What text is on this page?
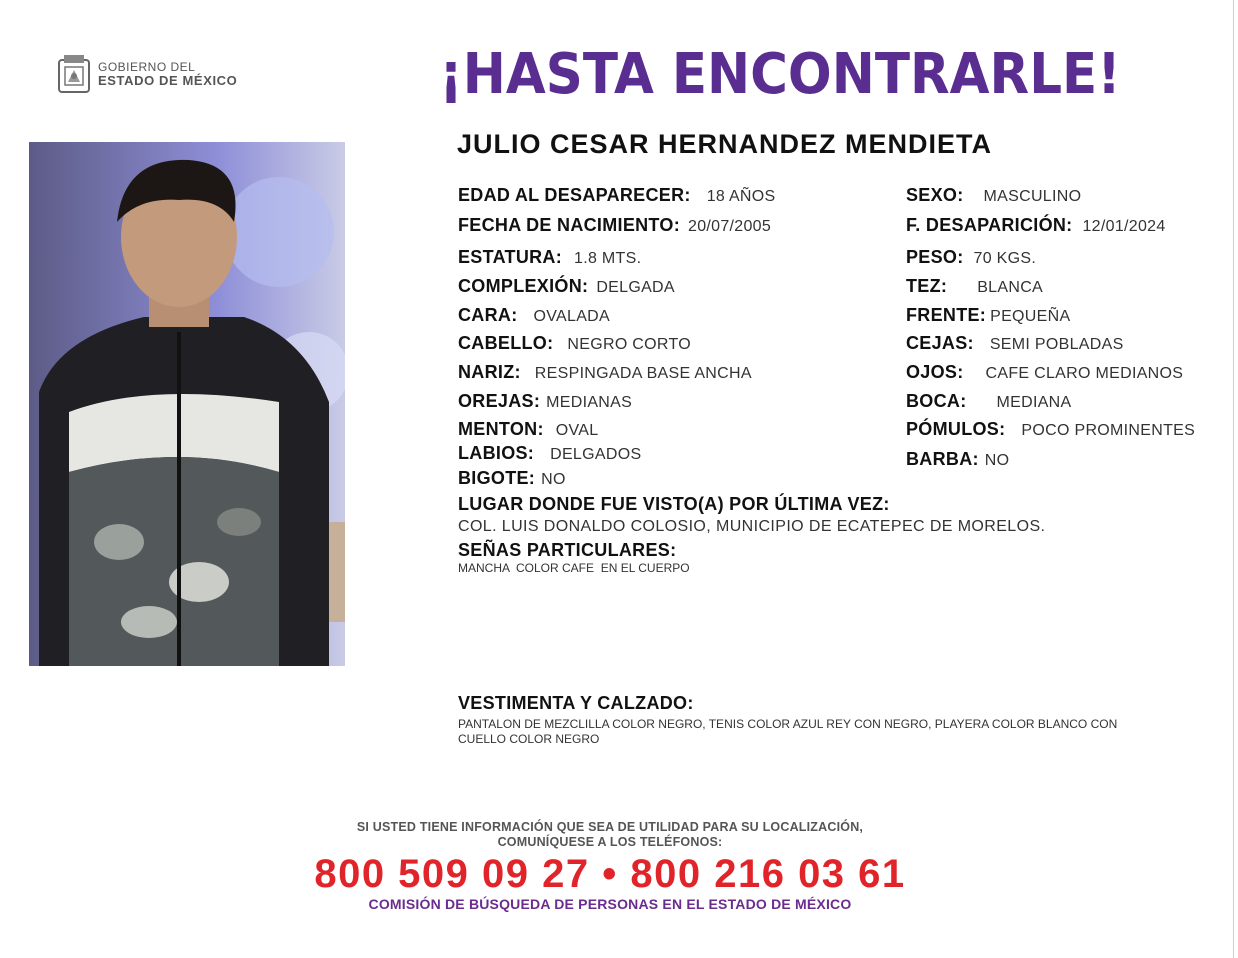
GOBIERNO DEL
ESTADO DE MÉXICO	¡HASTA ENCONTRARLE!
JULIO CESAR HERNANDEZ MENDIETA
EDAD AL DESAPARECER: 18 AÑOS
FECHA DE NACIMIENTO: 20/07/2005
ESTATURA: 1.8 MTS.
COMPLEXIÓN: DELGADA
CARA: OVALADA
CABELLO: NEGRO CORTO
NARIZ: RESPINGADA BASE ANCHA
OREJAS: MEDIANAS
MENTON: OVAL
LABIOS: DELGADOS
BIGOTE: NO
SEXO: MASCULINO
F. DESAPARICIÓN: 12/01/2024
PESO: 70 KGS.
TEZ: BLANCA
FRENTE: PEQUEÑA
CEJAS: SEMI POBLADAS
OJOS: CAFE CLARO MEDIANOS
BOCA: MEDIANA
PÓMULOS: POCO PROMINENTES
BARBA: NO
LUGAR DONDE FUE VISTO(A) POR ÚLTIMA VEZ:
COL. LUIS DONALDO COLOSIO, MUNICIPIO DE ECATEPEC DE MORELOS.
SEÑAS PARTICULARES:
MANCHA  COLOR CAFE  EN EL CUERPO
VESTIMENTA Y CALZADO:
PANTALON DE MEZCLILLA COLOR NEGRO, TENIS COLOR AZUL REY CON NEGRO, PLAYERA COLOR BLANCO CON
CUELLO COLOR NEGRO
SI USTED TIENE INFORMACIÓN QUE SEA DE UTILIDAD PARA SU LOCALIZACIÓN,
COMUNÍQUESE A LOS TELÉFONOS:
800 509 09 27 • 800 216 03 61
COMISIÓN DE BÚSQUEDA DE PERSONAS EN EL ESTADO DE MÉXICO
